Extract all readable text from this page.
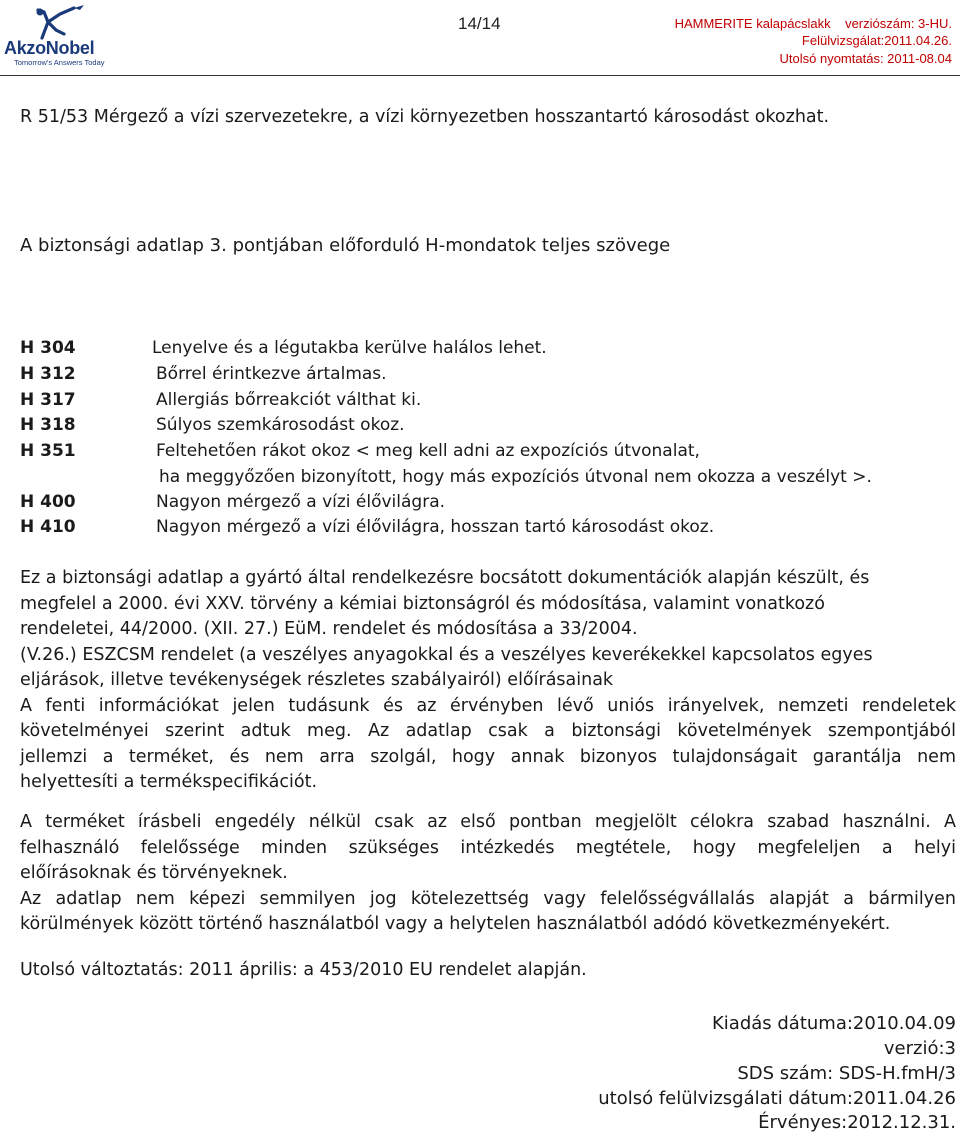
AkzoNobel
Tomorrow's Answers Today
14/14	HAMMERITE kalapácslakk verziószám: 3-HU.
Felülvizsgálat:2011.04.26.
Utolsó nyomtatás: 2011-08.04
R 51/53 Mérgező a vízi szervezetekre, a vízi környezetben hosszantartó károsodást okozhat.
A biztonsági adatlap 3. pontjában előforduló H-mondatok teljes szövege
H 304	Lenyelve és a légutakba kerülve halálos lehet.
H 312	Bőrrel érintkezve ártalmas.
H 317	Allergiás bőrreakciót válthat ki.
H 318	Súlyos szemkárosodást okoz.
H 351	Feltehetően rákot okoz < meg kell adni az expozíciós útvonalat,
ha meggyőzően bizonyított, hogy más expozíciós útvonal nem okozza a veszélyt >.
H 400	Nagyon mérgező a vízi élővilágra.
H 410	Nagyon mérgező a vízi élővilágra, hosszan tartó károsodást okoz.
Ez a biztonsági adatlap a gyártó által rendelkezésre bocsátott dokumentációk alapján készült, és
megfelel a 2000. évi XXV. törvény a kémiai biztonságról és módosítása, valamint vonatkozó
rendeletei, 44/2000. (XII. 27.) EüM. rendelet és módosítása a 33/2004.
(V.26.) ESZCSM rendelet (a veszélyes anyagokkal és a veszélyes keverékekkel kapcsolatos egyes
eljárások, illetve tevékenységek részletes szabályairól) előírásainak
A fenti információkat jelen tudásunk és az érvényben lévő uniós irányelvek, nemzeti rendeletek
követelményei szerint adtuk meg. Az adatlap csak a biztonsági követelmények szempontjából
jellemzi a terméket, és nem arra szolgál, hogy annak bizonyos tulajdonságait garantálja nem
helyettesíti a termékspecifikációt.
A terméket írásbeli engedély nélkül csak az első pontban megjelölt célokra szabad használni. A
felhasználó felelőssége minden szükséges intézkedés megtétele, hogy megfeleljen a helyi
előírásoknak és törvényeknek.
Az adatlap nem képezi semmilyen jog kötelezettség vagy felelősségvállalás alapját a bármilyen
körülmények között történő használatból vagy a helytelen használatból adódó következményekért.
Utolsó változtatás: 2011 április: a 453/2010 EU rendelet alapján.
Kiadás dátuma:2010.04.09
verzió:3
SDS szám: SDS-H.fmH/3
utolsó felülvizsgálati dátum:2011.04.26
Érvényes:2012.12.31.
